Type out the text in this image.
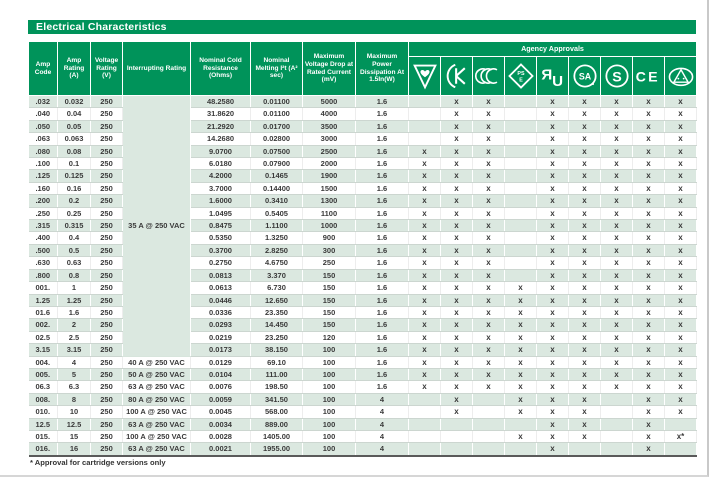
Electrical Characteristics
Amp Code	Amp Rating (A)	Voltage Rating (V)	Interrupting Rating	Nominal Cold Resistance (Ohms)	Nominal Melting I²t (A² sec)	Maximum Voltage Drop at Rated Current (mV)	Maximum Power Dissipation At 1.5In(W)	Agency Approvals								

PS
E	Я U	SA	S	C E

.032	0.032	250	35 A @ 250 VAC	48.2580	0.01100	5000	1.6		x	x		x	x	x	x	x
.040	0.04	250		31.8620	0.01100	4000	1.6		x	x		x	x	x	x	x
.050	0.05	250		21.2920	0.01700	3500	1.6		x	x		x	x	x	x	x
.063	0.063	250		14.2680	0.02800	3000	1.6		x	x		x	x	x	x	x
.080	0.08	250		9.0700	0.07500	2500	1.6	x	x	x		x	x	x	x	x
.100	0.1	250		6.0180	0.07900	2000	1.6	x	x	x		x	x	x	x	x
.125	0.125	250		4.2000	0.1465	1900	1.6	x	x	x		x	x	x	x	x
.160	0.16	250		3.7000	0.14400	1500	1.6	x	x	x		x	x	x	x	x
.200	0.2	250		1.6000	0.3410	1300	1.6	x	x	x		x	x	x	x	x
.250	0.25	250		1.0495	0.5405	1100	1.6	x	x	x		x	x	x	x	x
.315	0.315	250		0.8475	1.1100	1000	1.6	x	x	x		x	x	x	x	x
.400	0.4	250		0.5350	1.3250	900	1.6	x	x	x		x	x	x	x	x
.500	0.5	250		0.3700	2.8250	300	1.6	x	x	x		x	x	x	x	x
.630	0.63	250		0.2750	4.6750	250	1.6	x	x	x		x	x	x	x	x
.800	0.8	250		0.0813	3.370	150	1.6	x	x	x		x	x	x	x	x
001.	1	250		0.0613	6.730	150	1.6	x	x	x	x	x	x	x	x	x
1.25	1.25	250		0.0446	12.650	150	1.6	x	x	x	x	x	x	x	x	x
01.6	1.6	250		0.0336	23.350	150	1.6	x	x	x	x	x	x	x	x	x
002.	2	250		0.0293	14.450	150	1.6	x	x	x	x	x	x	x	x	x
02.5	2.5	250		0.0219	23.250	120	1.6	x	x	x	x	x	x	x	x	x
3.15	3.15	250		0.0173	38.150	100	1.6	x	x	x	x	x	x	x	x	x
004.	4	250	40 A @ 250 VAC	0.0129	69.10	100	1.6	x	x	x	x	x	x	x	x	x
005.	5	250	50 A @ 250 VAC	0.0104	111.00	100	1.6	x	x	x	x	x	x	x	x	x
06.3	6.3	250	63 A @ 250 VAC	0.0076	198.50	100	1.6	x	x	x	x	x	x	x	x	x
008.	8	250	80 A @ 250 VAC	0.0059	341.50	100	4		x		x	x	x		x	x
010.	10	250	100 A @ 250 VAC	0.0045	568.00	100	4		x		x	x	x		x	x
12.5	12.5	250	63 A @ 250 VAC	0.0034	889.00	100	4					x	x		x	
015.	15	250	100 A @ 250 VAC	0.0028	1405.00	100	4				x	x	x		x	x*
016.	16	250	63 A @ 250 VAC	0.0021	1955.00	100	4					x			x	
* Approval for cartridge versions only
